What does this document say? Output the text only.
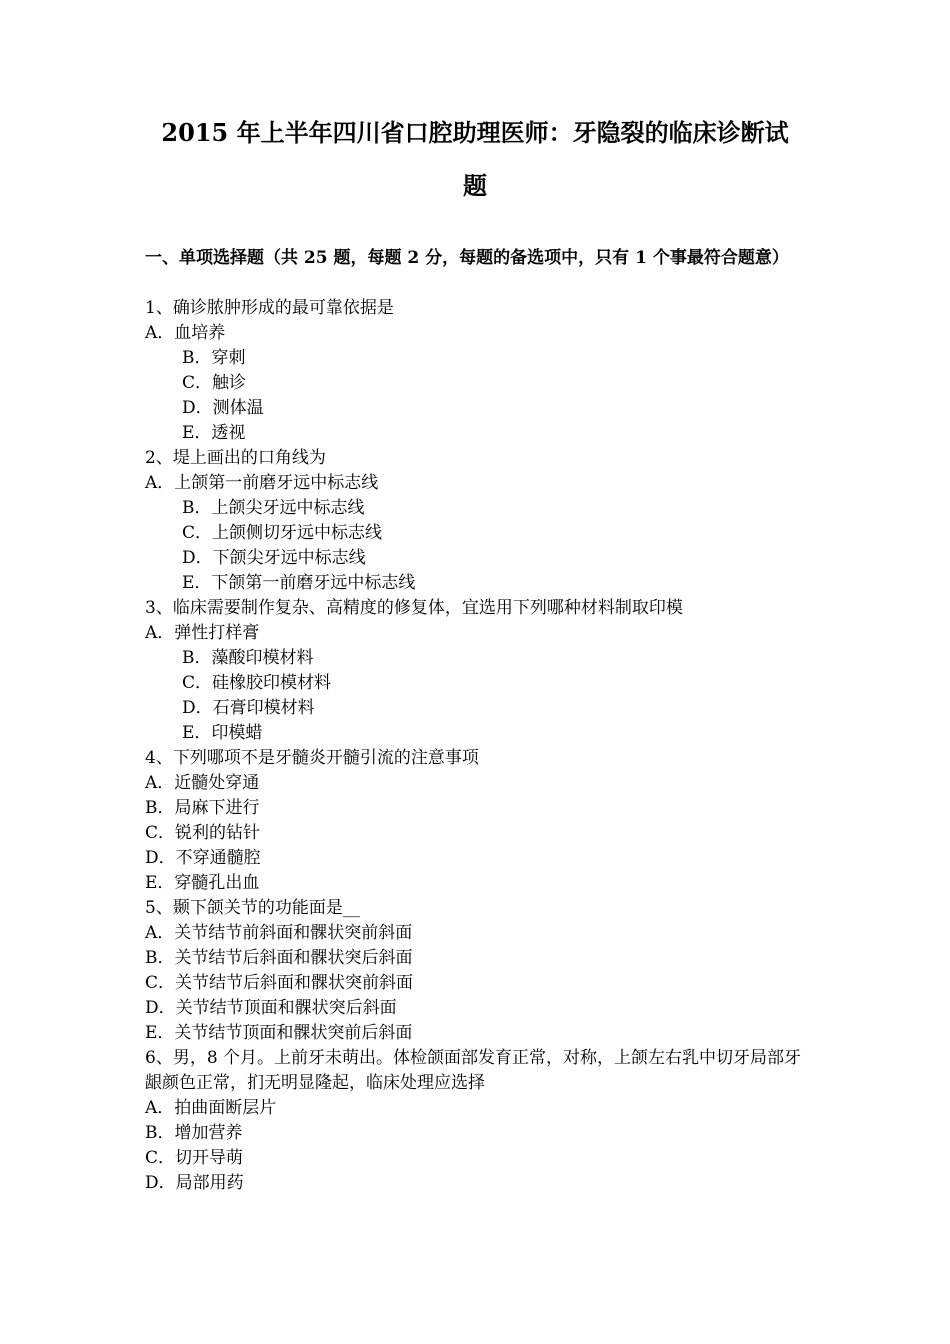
2015 年上半年四川省口腔助理医师：牙隐裂的临床诊断试
题
一、单项选择题（共 25 题，每题 2 分，每题的备选项中，只有 1 个事最符合题意）
1、确诊脓肿形成的最可靠依据是
A．血培养
B．穿刺
C．触诊
D．测体温
E．透视
2、堤上画出的口角线为
A．上颌第一前磨牙远中标志线
B．上颌尖牙远中标志线
C．上颌侧切牙远中标志线
D．下颌尖牙远中标志线
E．下颌第一前磨牙远中标志线
3、临床需要制作复杂、高精度的修复体，宜选用下列哪种材料制取印模
A．弹性打样膏
B．藻酸印模材料
C．硅橡胶印模材料
D．石膏印模材料
E．印模蜡
4、下列哪项不是牙髓炎开髓引流的注意事项
A．近髓处穿通
B．局麻下进行
C．锐利的钻针
D．不穿通髓腔
E．穿髓孔出血
5、颞下颌关节的功能面是__
A．关节结节前斜面和髁状突前斜面
B．关节结节后斜面和髁状突后斜面
C．关节结节后斜面和髁状突前斜面
D．关节结节顶面和髁状突后斜面
E．关节结节顶面和髁状突前后斜面
6、男，8 个月。上前牙未萌出。体检颌面部发育正常，对称，上颌左右乳中切牙局部牙龈颜色正常，扪无明显隆起，临床处理应选择
A．拍曲面断层片
B．增加营养
C．切开导萌
D．局部用药
